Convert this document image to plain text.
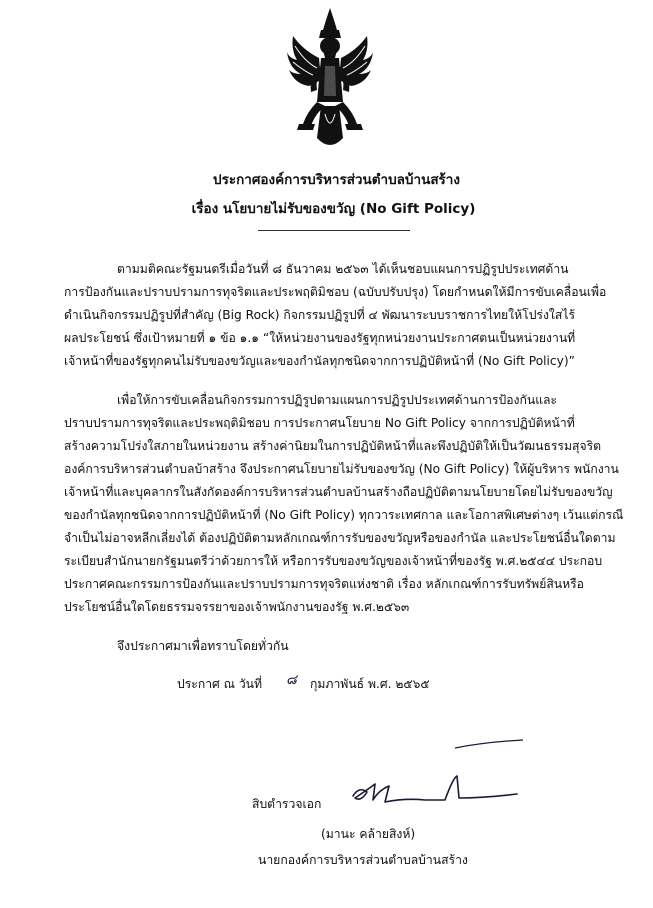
ประกาศองค์การบริหารส่วนตำบลบ้านสร้าง
เรื่อง นโยบายไม่รับของขวัญ (No Gift Policy)
ตามมติคณะรัฐมนตรีเมื่อวันที่ ๘ ธันวาคม ๒๕๖๓ ได้เห็นชอบแผนการปฏิรูปประเทศด้าน
การป้องกันและปราบปรามการทุจริตและประพฤติมิชอบ (ฉบับปรับปรุง) โดยกำหนดให้มีการขับเคลื่อนเพื่อ
ดำเนินกิจกรรมปฏิรูปที่สำคัญ (Big Rock) กิจกรรมปฏิรูปที่ ๔ พัฒนาระบบราชการไทยให้โปร่งใสไร้
ผลประโยชน์ ซึ่งเป้าหมายที่ ๑ ข้อ ๑.๑ “ให้หน่วยงานของรัฐทุกหน่วยงานประกาศตนเป็นหน่วยงานที่
เจ้าหน้าที่ของรัฐทุกคนไม่รับของขวัญและของกำนัลทุกชนิดจากการปฏิบัติหน้าที่ (No Gift Policy)”
เพื่อให้การขับเคลื่อนกิจกรรมการปฏิรูปตามแผนการปฏิรูปประเทศด้านการป้องกันและ
ปราบปรามการทุจริตและประพฤติมิชอบ การประกาศนโยบาย No Gift Policy จากการปฏิบัติหน้าที่
สร้างความโปร่งใสภายในหน่วยงาน สร้างค่านิยมในการปฏิบัติหน้าที่และพึงปฏิบัติให้เป็นวัฒนธรรมสุจริต
องค์การบริหารส่วนตำบลบ้าสร้าง จึงประกาศนโยบายไม่รับของขวัญ (No Gift Policy) ให้ผู้บริหาร พนักงาน
เจ้าหน้าที่และบุคลากรในสังกัดองค์การบริหารส่วนตำบลบ้านสร้างถือปฏิบัติตามนโยบายโดยไม่รับของขวัญ
ของกำนัลทุกชนิดจากการปฏิบัติหน้าที่ (No Gift Policy) ทุกวาระเทศกาล และโอกาสพิเศษต่างๆ เว้นแต่กรณี
จำเป็นไม่อาจหลีกเลี่ยงได้ ต้องปฏิบัติตามหลักเกณฑ์การรับของขวัญหรือของกำนัล และประโยชน์อื่นใดตาม
ระเบียบสำนักนายกรัฐมนตรีว่าด้วยการให้ หรือการรับของขวัญของเจ้าหน้าที่ของรัฐ พ.ศ.๒๕๔๔ ประกอบ
ประกาศคณะกรรมการป้องกันและปราบปรามการทุจริตแห่งชาติ เรื่อง หลักเกณฑ์การรับทรัพย์สินหรือ
ประโยชน์อื่นใดโดยธรรมจรรยาของเจ้าพนักงานของรัฐ พ.ศ.๒๕๖๓
จึงประกาศมาเพื่อทราบโดยทั่วกัน
ประกาศ ณ วันที่ ๘ กุมภาพันธ์ พ.ศ. ๒๕๖๕
สิบตำรวจเอก
(มานะ คล้ายสิงห์)
นายกองค์การบริหารส่วนตำบลบ้านสร้าง
